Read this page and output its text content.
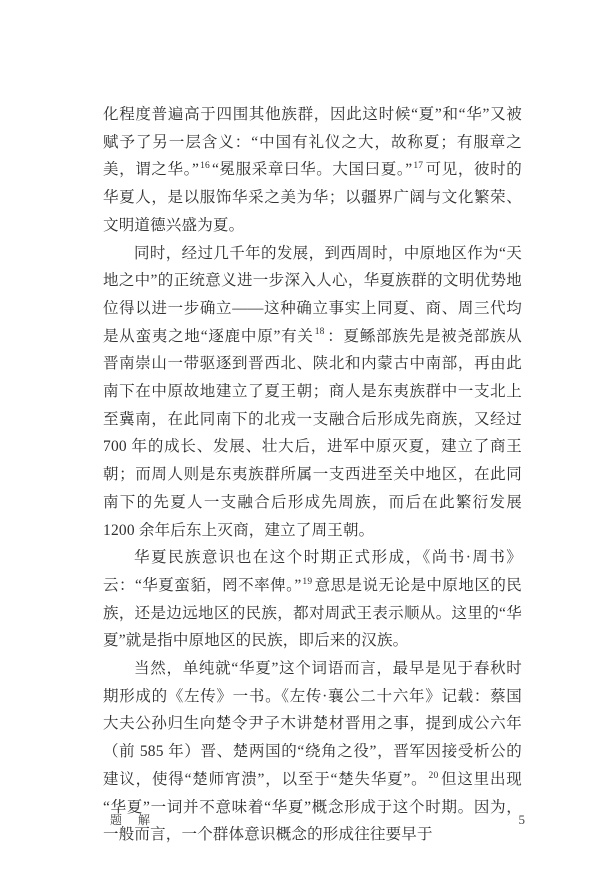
化程度普遍高于四围其他族群，因此这时候“夏”和“华”又被赋予了另一层含义：“中国有礼仪之大，故称夏；有服章之美，谓之华。”$^{16}$ “冕服采章曰华。大国曰夏。”$^{17}$ 可见，彼时的华夏人，是以服饰华采之美为华；以疆界广阔与文化繁荣、文明道德兴盛为夏。

同时，经过几千年的发展，到西周时，中原地区作为“天地之中”的正统意义进一步深入人心，华夏族群的文明优势地位得以进一步确立——这种确立事实上同夏、商、周三代均是从蛮夷之地“逐鹿中原”有关$^{18}$ ：夏鲧部族先是被尧部族从晋南崇山一带驱逐到晋西北、陕北和内蒙古中南部，再由此南下在中原故地建立了夏王朝；商人是东夷族群中一支北上至冀南，在此同南下的北戎一支融合后形成先商族，又经过 700 年的成长、发展、壮大后，进军中原灭夏，建立了商王朝；而周人则是东夷族群所属一支西进至关中地区，在此同南下的先夏人一支融合后形成先周族，而后在此繁衍发展 1200 余年后东上灭商，建立了周王朝。

华夏民族意识也在这个时期正式形成，《尚书·周书》云：“华夏蛮貊，罔不率俾。”$^{19}$ 意思是说无论是中原地区的民族，还是边远地区的民族，都对周武王表示顺从。这里的“华夏”就是指中原地区的民族，即后来的汉族。

当然，单纯就“华夏”这个词语而言，最早是见于春秋时期形成的《左传》一书。《左传·襄公二十六年》记载：蔡国大夫公孙归生向楚令尹子木讲楚材晋用之事，提到成公六年（前 585 年）晋、楚两国的“绕角之役”，晋军因接受析公的建议，使得“楚师宵溃”，以至于“楚失华夏”。$^{20}$ 但这里出现“华夏”一词并不意味着“华夏”概念形成于这个时期。因为，一般而言，一个群体意识概念的形成往往要早于

题　解	5
